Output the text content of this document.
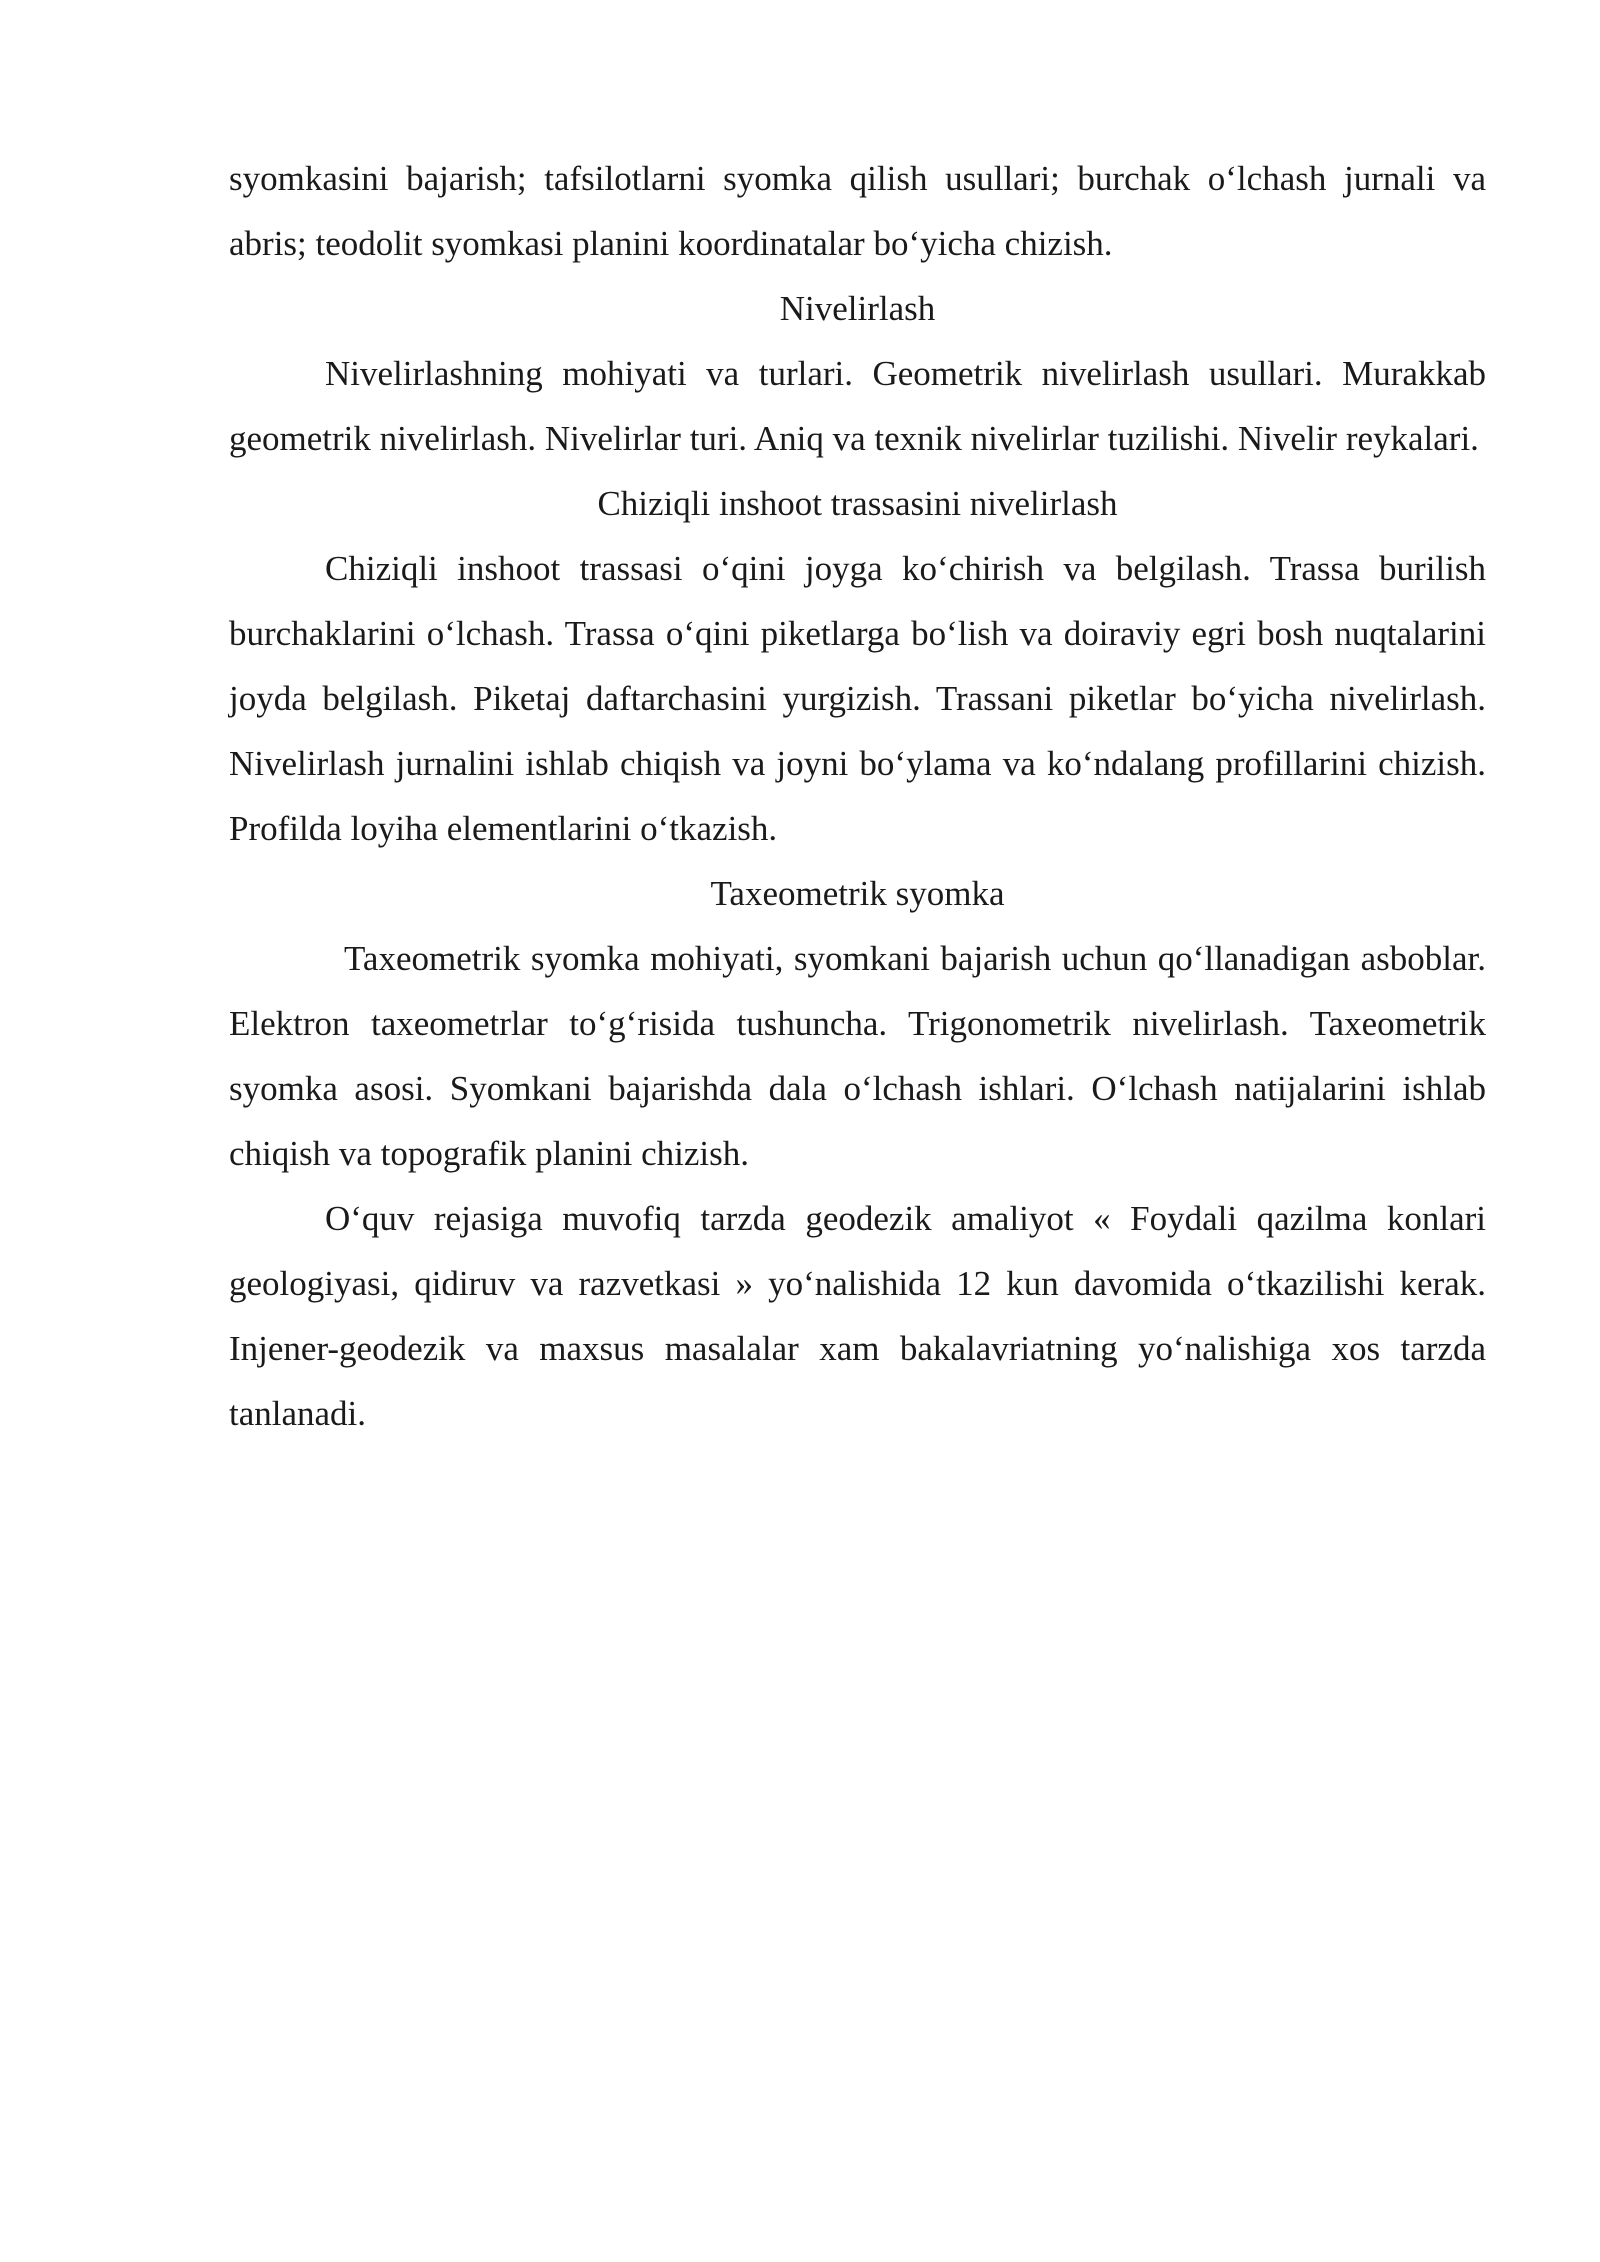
syomkasini bajarish; tafsilotlarni syomka qilish usullari; burchak o‘lchash jurnali va abris; teodolit syomkasi planini koordinatalar bo‘yicha chizish.

Nivelirlash

Nivelirlashning mohiyati va turlari. Geometrik nivelirlash usullari. Murakkab geometrik nivelirlash. Nivelirlar turi. Aniq va texnik nivelirlar tuzilishi. Nivelir reykalari.

Chiziqli inshoot trassasini nivelirlash

Chiziqli inshoot trassasi o‘qini joyga ko‘chirish va belgilash. Trassa burilish burchaklarini o‘lchash. Trassa o‘qini piketlarga bo‘lish va doiraviy egri bosh nuqtalarini joyda belgilash. Piketaj daftarchasini yurgizish. Trassani piketlar bo‘yicha nivelirlash. Nivelirlash jurnalini ishlab chiqish va joyni bo‘ylama va ko‘ndalang profillarini chizish. Profilda loyiha elementlarini o‘tkazish.

Taxeometrik syomka

Taxeometrik syomka mohiyati, syomkani bajarish uchun qo‘llanadigan asboblar. Elektron taxeometrlar to‘g‘risida tushuncha. Trigonometrik nivelirlash. Taxeometrik syomka asosi. Syomkani bajarishda dala o‘lchash ishlari. O‘lchash natijalarini ishlab chiqish va topografik planini chizish.

O‘quv rejasiga muvofiq tarzda geodezik amaliyot « Foydali qazilma konlari geologiyasi, qidiruv va razvetkasi » yo‘nalishida 12 kun davomida o‘tkazilishi kerak. Injener-geodezik va maxsus masalalar xam bakalavriatning yo‘nalishiga xos tarzda tanlanadi.
